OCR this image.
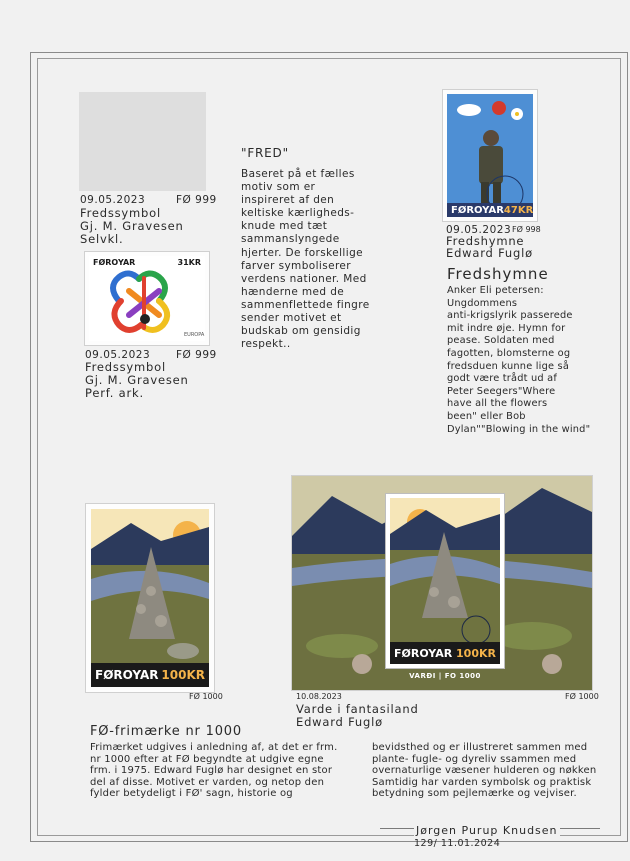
09.05.2023	FØ 999

Fredssymbol

Gj. M. Gravesen

Selvkl.

FØROYAR	31KR
EUROPA

09.05.2023 FØ 999

Fredssymbol

Gj. M. Gravesen

Perf. ark.

"FRED"

Baseret på et fælles

motiv som er

inspireret af den

keltiske kærligheds-

knude med tæt

sammanslyngede

hjerter. De forskellige

farver symboliserer

verdens nationer. Med

hænderne med de

sammenflettede fingre

sender motivet et

budskab om gensidig

respekt..

FØROYAR 47KR

09.05.2023 FØ 998

Fredshymne

Edward Fuglø

Fredshymne

Anker Eli petersen:

Ungdommens

anti-krigslyrik passerede

mit indre øje. Hymn for

pease. Soldaten med

fagotten, blomsterne og

fredsduen kunne lige så

godt være trådt ud af

Peter Seegers"Where

have all the flowers

been" eller Bob

Dylan""Blowing in the wind"

FØROYAR 100KR

FØ 1000

FØROYAR 100KR
VARÐI | FO 1000

10.08.2023	FØ 1000

Varde i fantasiland

Edward Fuglø

FØ-frimærke nr 1000

Frimærket udgives i anledning af, at det er frm. nr 1000 efter at FØ begyndte at udgive egne frm. i 1975. Edward Fuglø har designet en stor del af disse. Motivet er varden, og netop den fylder betydeligt i FØ' sagn, historie og

bevidsthed og er illustreret sammen med plante- fugle- og dyreliv ssammen med overnaturlige væsener hulderen og nøkken Samtidig har varden symbolsk og praktisk betydning som pejlemærke og vejviser.

Jørgen Purup Knudsen

129/ 11.01.2024
